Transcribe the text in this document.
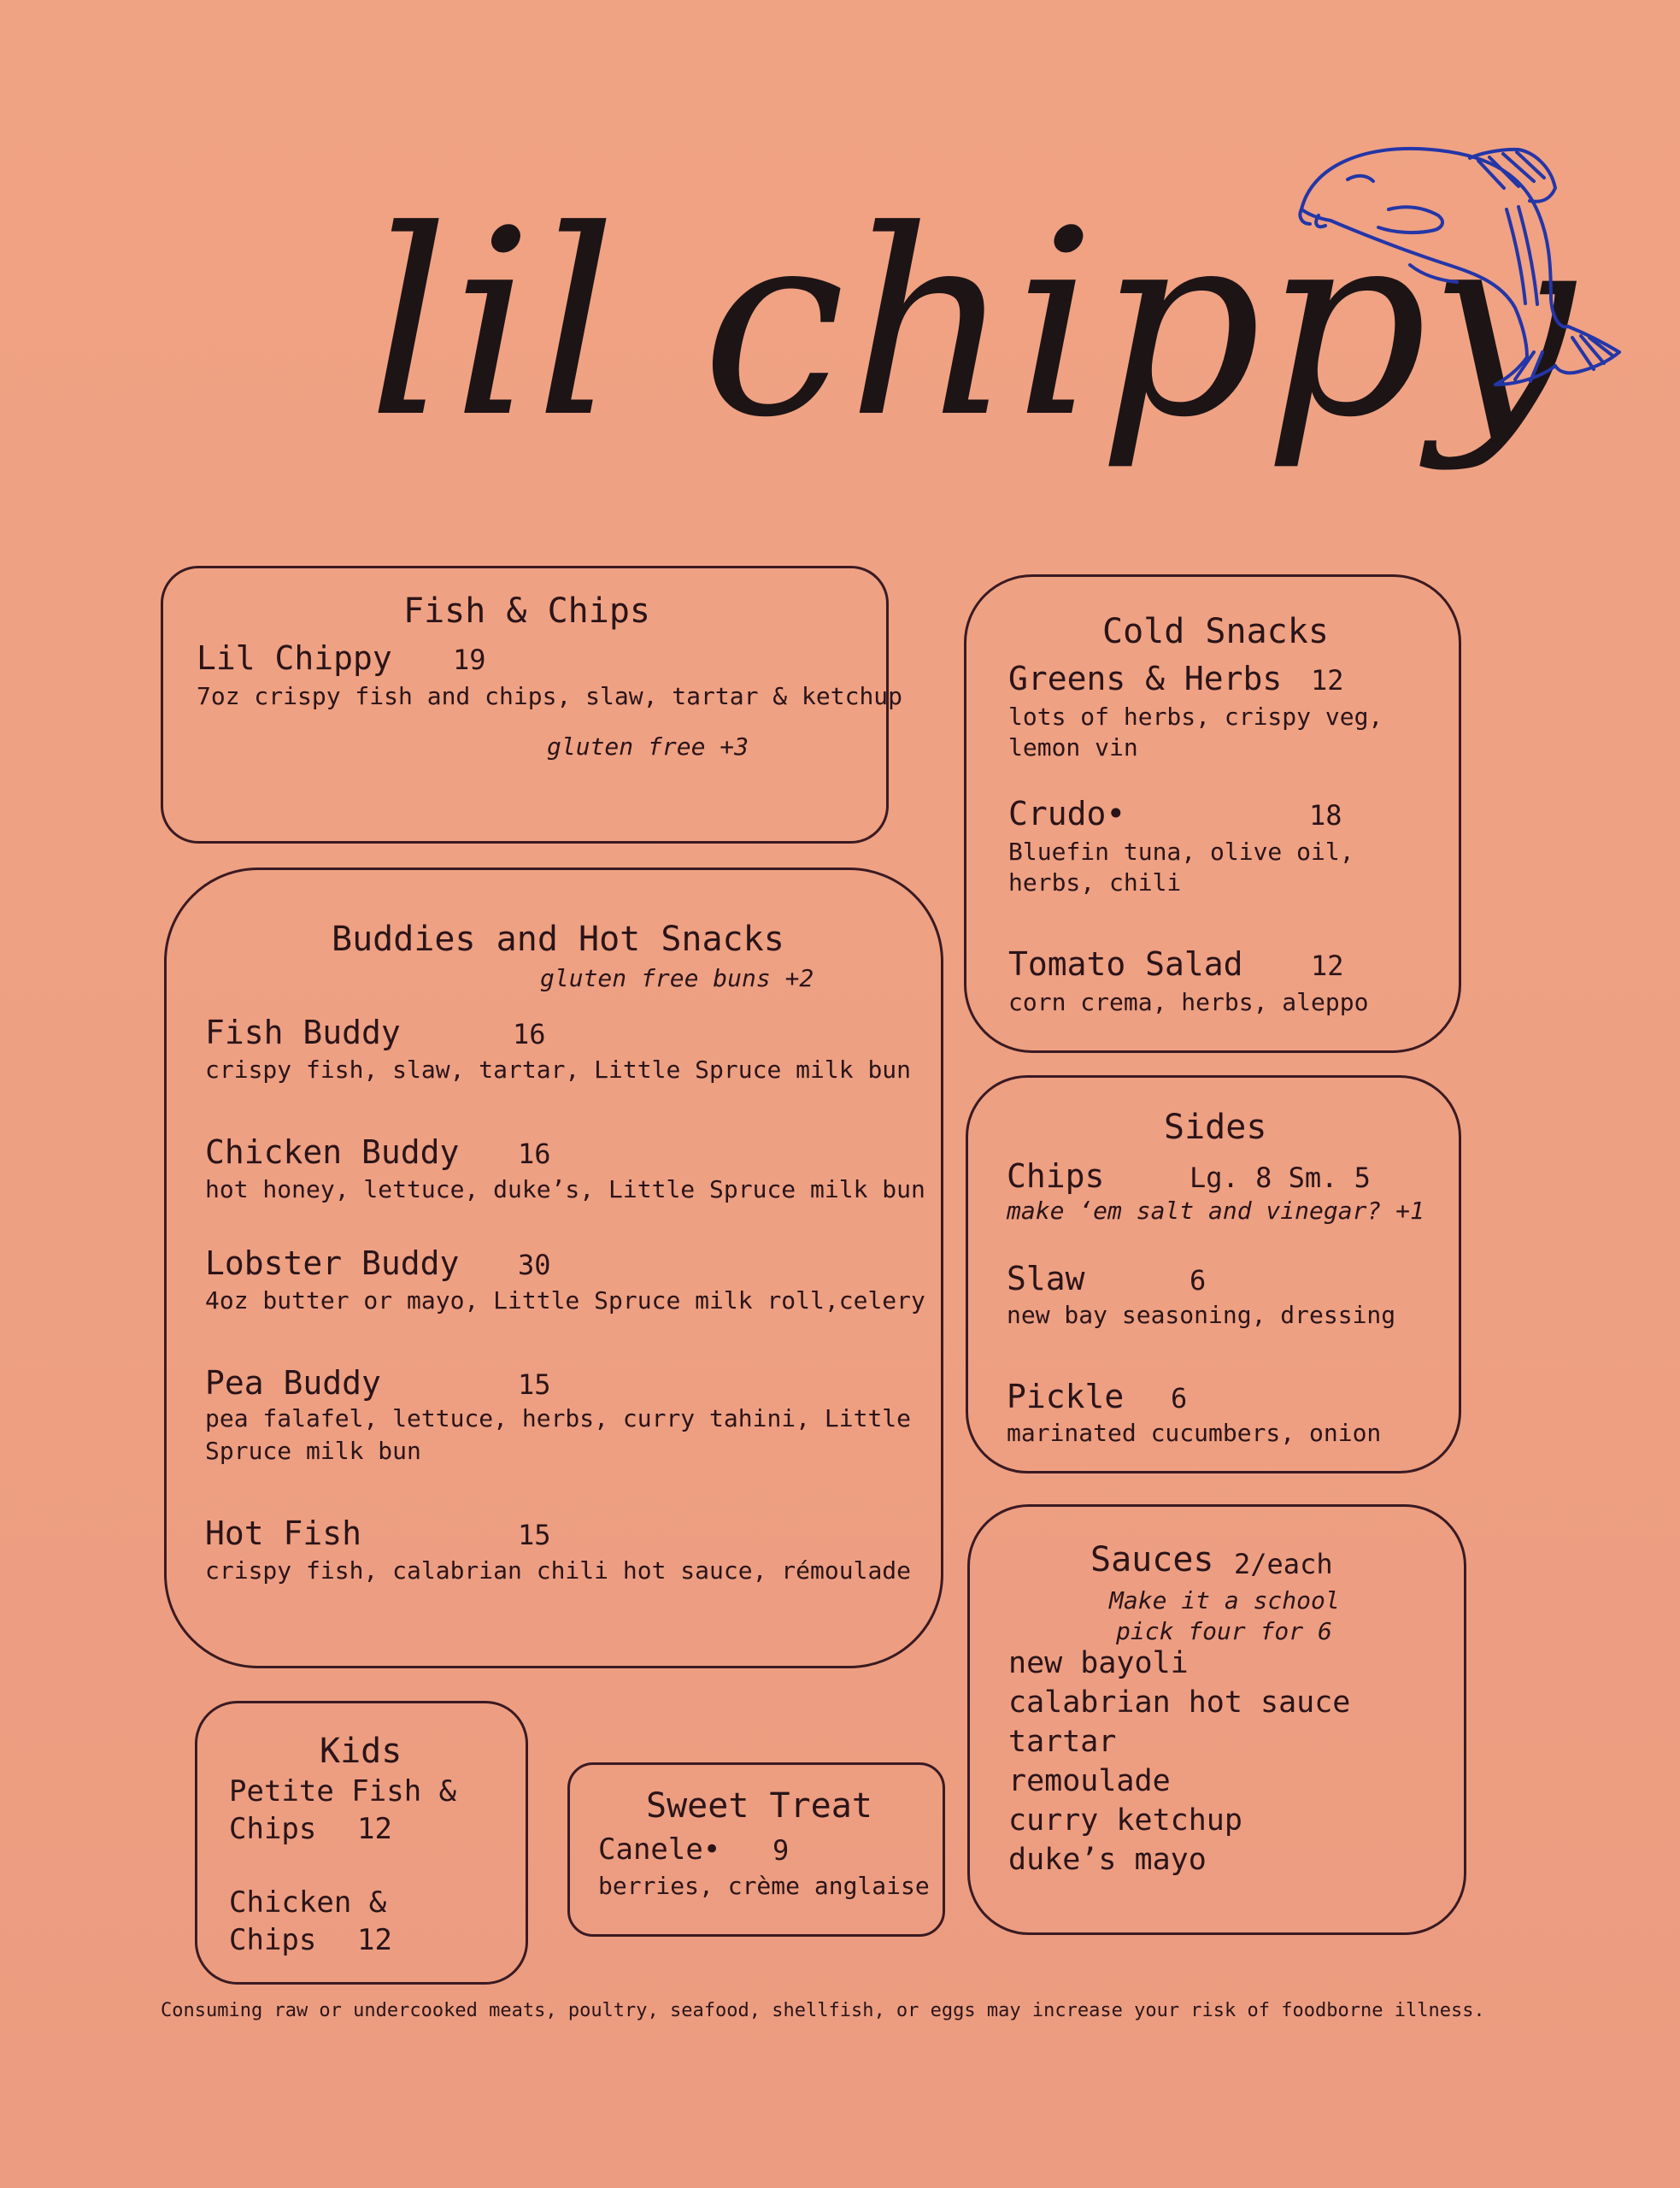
lil chippy
Fish & Chips
Lil Chippy 19
7oz crispy fish and chips, slaw, tartar & ketchup
gluten free +3
Buddies and Hot Snacks
gluten free buns +2
Fish Buddy	16
crispy fish, slaw, tartar, Little Spruce milk bun
Chicken Buddy 16
hot honey, lettuce, duke’s, Little Spruce milk bun
Lobster Buddy 30
4oz butter or mayo, Little Spruce milk roll,celery
Pea Buddy	15
pea falafel, lettuce, herbs, curry tahini, Little
Spruce milk bun
Hot Fish	15
crispy fish, calabrian chili hot sauce, rémoulade
Cold Snacks
Greens & Herbs 12
lots of herbs, crispy veg,
lemon vin
Crudo•	18
Bluefin tuna, olive oil,
herbs, chili
Tomato Salad 12
corn crema, herbs, aleppo
Sides
Chips	Lg. 8 Sm. 5
make ‘em salt and vinegar? +1
Slaw	6
new bay seasoning, dressing
Pickle 6
marinated cucumbers, onion
Sauces 2/each
Make it a school
pick four for 6
new bayoli
calabrian hot sauce
tartar
remoulade
curry ketchup
duke’s mayo
Kids
Petite Fish &
Chips 12
Chicken &
Chips 12
Sweet Treat
Canele• 9
berries, crème anglaise
Consuming raw or undercooked meats, poultry, seafood, shellfish, or eggs may increase your risk of foodborne illness.
